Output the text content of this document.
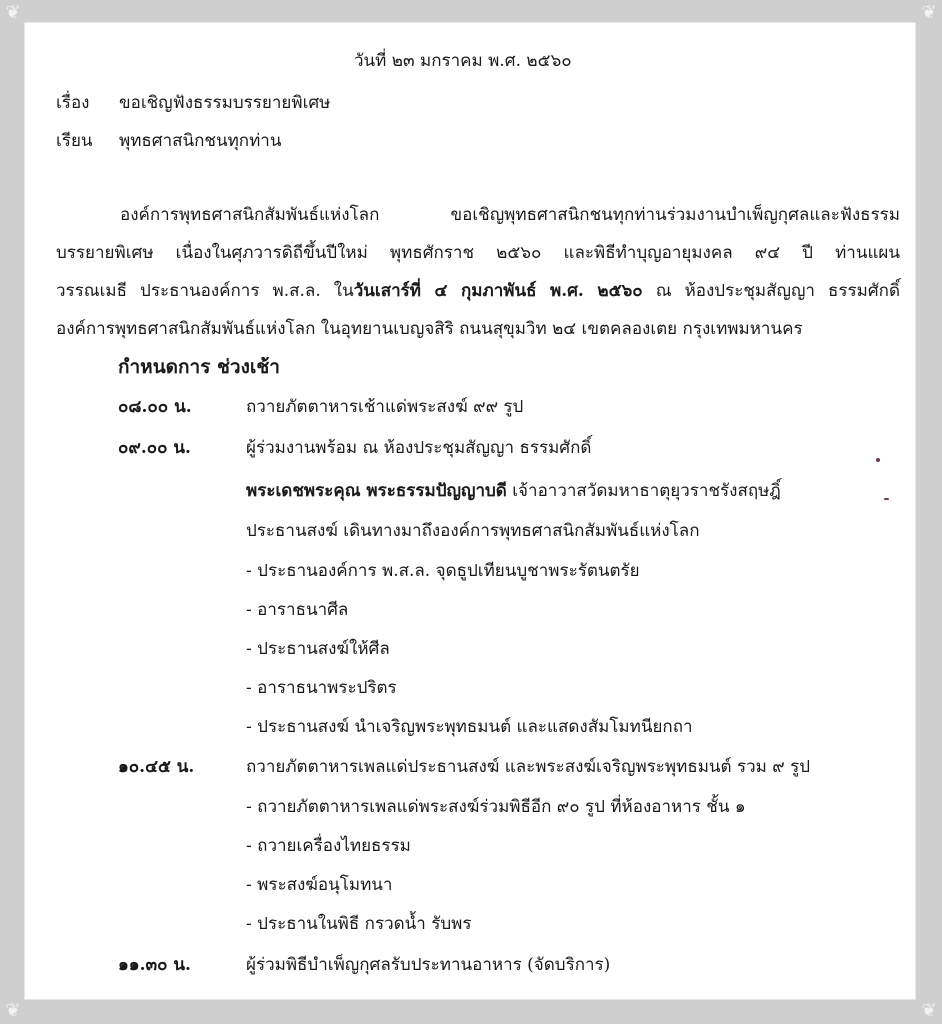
❦	❦
❦	❦
วันที่ ๒๓ มกราคม พ.ศ. ๒๕๖๐
เรื่อง ขอเชิญฟังธรรมบรรยายพิเศษ
เรียน พุทธศาสนิกชนทุกท่าน
องค์การพุทธศาสนิกสัมพันธ์แห่งโลก ขอเชิญพุทธศาสนิกชนทุกท่านร่วมงานบำเพ็ญกุศลและฟังธรรม
บรรยายพิเศษ เนื่องในศุภวารดิถีขึ้นปีใหม่ พุทธศักราช ๒๕๖๐ และพิธีทำบุญอายุมงคล ๙๔ ปี ท่านแผน
วรรณเมธี ประธานองค์การ พ.ส.ล. ในวันเสาร์ที่ ๔ กุมภาพันธ์ พ.ศ. ๒๕๖๐ ณ ห้องประชุมสัญญา ธรรมศักดิ์
องค์การพุทธศาสนิกสัมพันธ์แห่งโลก ในอุทยานเบญจสิริ ถนนสุขุมวิท ๒๔ เขตคลองเตย กรุงเทพมหานคร
กำหนดการ ช่วงเช้า
๐๘.๐๐ น.	ถวายภัตตาหารเช้าแด่พระสงฆ์ ๙๙ รูป
๐๙.๐๐ น.	ผู้ร่วมงานพร้อม ณ ห้องประชุมสัญญา ธรรมศักดิ์
พระเดชพระคุณ พระธรรมปัญญาบดี เจ้าอาวาสวัดมหาธาตุยุวราชรังสฤษฎิ์
ประธานสงฆ์ เดินทางมาถึงองค์การพุทธศาสนิกสัมพันธ์แห่งโลก
- ประธานองค์การ พ.ส.ล. จุดธูปเทียนบูชาพระรัตนตรัย
- อาราธนาศีล
- ประธานสงฆ์ให้ศีล
- อาราธนาพระปริตร
- ประธานสงฆ์ นำเจริญพระพุทธมนต์ และแสดงสัมโมทนียกถา
๑๐.๔๕ น.	ถวายภัตตาหารเพลแด่ประธานสงฆ์ และพระสงฆ์เจริญพระพุทธมนต์ รวม ๙ รูป
- ถวายภัตตาหารเพลแด่พระสงฆ์ร่วมพิธีอีก ๙๐ รูป ที่ห้องอาหาร ชั้น ๑
- ถวายเครื่องไทยธรรม
- พระสงฆ์อนุโมทนา
- ประธานในพิธี กรวดน้ำ รับพร
๑๑.๓๐ น.	ผู้ร่วมพิธีบำเพ็ญกุศลรับประทานอาหาร (จัดบริการ)
